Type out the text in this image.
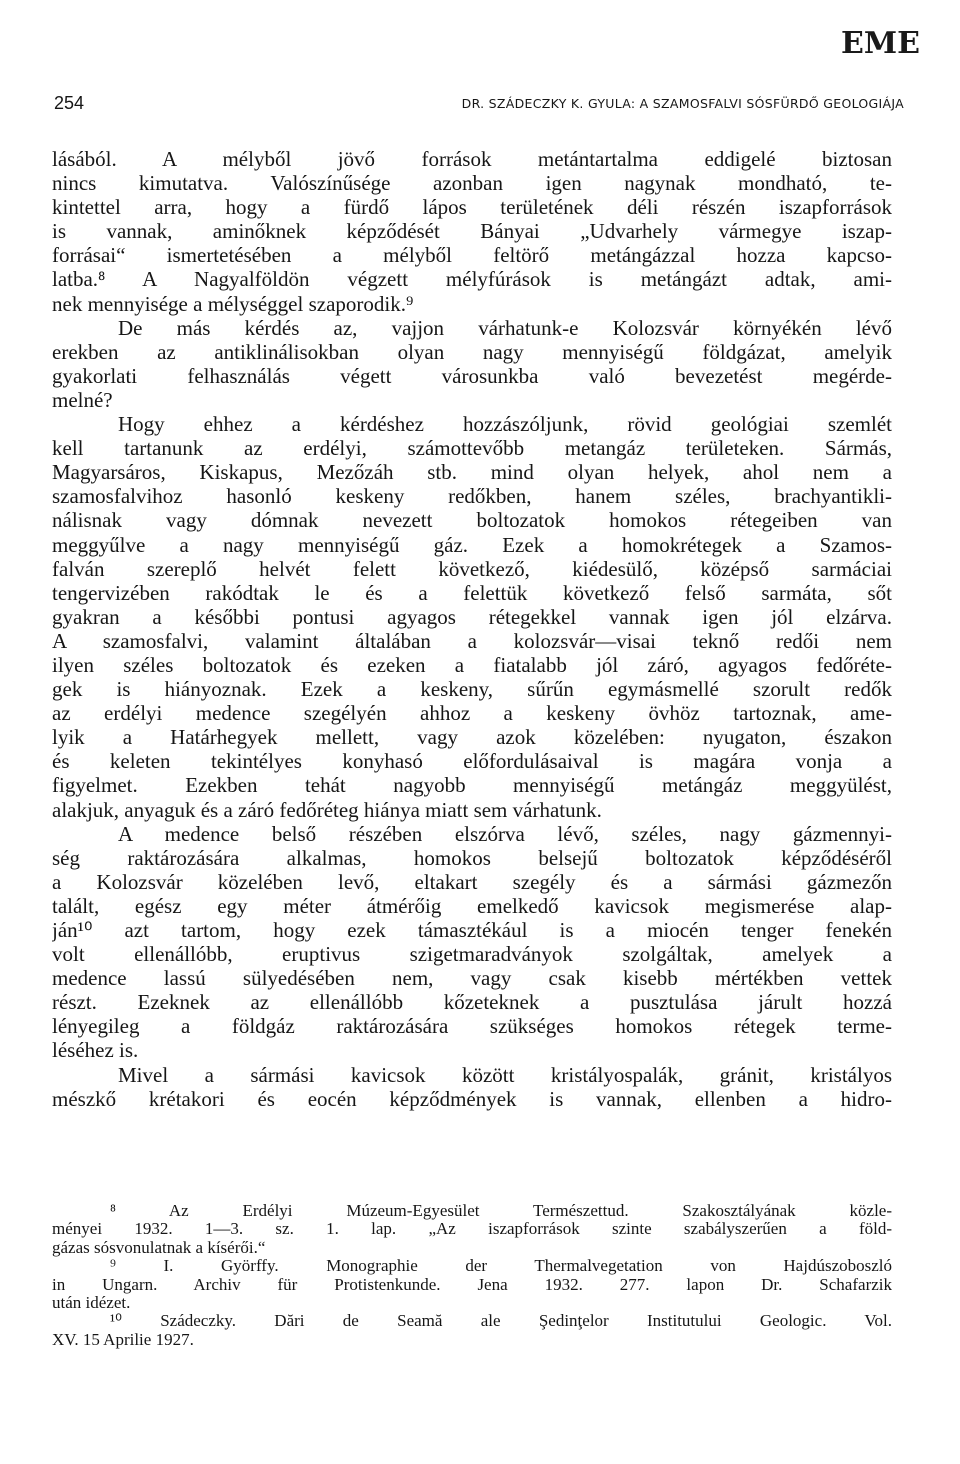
EME
254	DR. SZÁDECZKY K. GYULA: A SZAMOSFALVI SÓSFÜRDŐ GEOLOGIÁJA
lásából. A mélyből jövő források metántartalma eddigelé biztosan
nincs kimutatva. Valószínűsége azonban igen nagynak mondható, te-
kintettel arra, hogy a fürdő lápos területének déli részén iszapforrások
is vannak, aminőknek képződését Bányai „Udvarhely vármegye iszap-
forrásai“ ismertetésében a mélyből feltörő metángázzal hozza kapcso-
latba.⁸ A Nagyalföldön végzett mélyfúrások is metángázt adtak, ami-
nek mennyisége a mélységgel szaporodik.⁹
De más kérdés az, vajjon várhatunk-e Kolozsvár környékén lévő
erekben az antiklinálisokban olyan nagy mennyiségű földgázat, amelyik
gyakorlati felhasználás végett városunkba való bevezetést megérde-
melné?
Hogy ehhez a kérdéshez hozzászóljunk, rövid geológiai szemlét
kell tartanunk az erdélyi, számottevőbb metangáz területeken. Sármás,
Magyarsáros, Kiskapus, Mezőzáh stb. mind olyan helyek, ahol nem a
szamosfalvihoz hasonló keskeny redőkben, hanem széles, brachyantikli-
nálisnak vagy dómnak nevezett boltozatok homokos rétegeiben van
meggyűlve a nagy mennyiségű gáz. Ezek a homokrétegek a Szamos-
falván szereplő helvét felett következő, kiédesülő, középső sarmáciai
tengervizében rakódtak le és a felettük következő felső sarmáta, sőt
gyakran a későbbi pontusi agyagos rétegekkel vannak igen jól elzárva.
A szamosfalvi, valamint általában a kolozsvár—visai teknő redői nem
ilyen széles boltozatok és ezeken a fiatalabb jól záró, agyagos fedőréte-
gek is hiányoznak. Ezek a keskeny, sűrűn egymásmellé szorult redők
az erdélyi medence szegélyén ahhoz a keskeny övhöz tartoznak, ame-
lyik a Határhegyek mellett, vagy azok közelében: nyugaton, északon
és keleten tekintélyes konyhasó előfordulásaival is magára vonja a
figyelmet. Ezekben tehát nagyobb mennyiségű metángáz meggyülést,
alakjuk, anyaguk és a záró fedőréteg hiánya miatt sem várhatunk.
A medence belső részében elszórva lévő, széles, nagy gázmennyi-
ség raktározására alkalmas, homokos belsejű boltozatok képződéséről
a Kolozsvár közelében levő, eltakart szegély és a sármási gázmezőn
talált, egész egy méter átmérőig emelkedő kavicsok megismerése alap-
ján¹⁰ azt tartom, hogy ezek támasztékául is a miocén tenger fenekén
volt ellenállóbb, eruptivus szigetmaradványok szolgáltak, amelyek a
medence lassú sülyedésében nem, vagy csak kisebb mértékben vettek
részt. Ezeknek az ellenállóbb kőzeteknek a pusztulása járult hozzá
lényegileg a földgáz raktározására szükséges homokos rétegek terme-
léséhez is.
Mivel a sármási kavicsok között kristályospalák, gránit, kristályos
mészkő krétakori és eocén képződmények is vannak, ellenben a hidro-
⁸ Az Erdélyi Múzeum-Egyesület Természettud. Szakosztályának közle-
ményei 1932. 1—3. sz. 1. lap. „Az iszapforrások szinte szabályszerűen a föld-
gázas sósvonulatnak a kísérői.“
⁹ I. Györffy. Monographie der Thermalvegetation von Hajdúszoboszló
in Ungarn. Archiv für Protistenkunde. Jena 1932. 277. lapon Dr. Schafarzik
után idézet.
¹⁰ Szádeczky. Dări de Seamă ale Şedinţelor Institutului Geologic. Vol.
XV. 15 Aprilie 1927.
